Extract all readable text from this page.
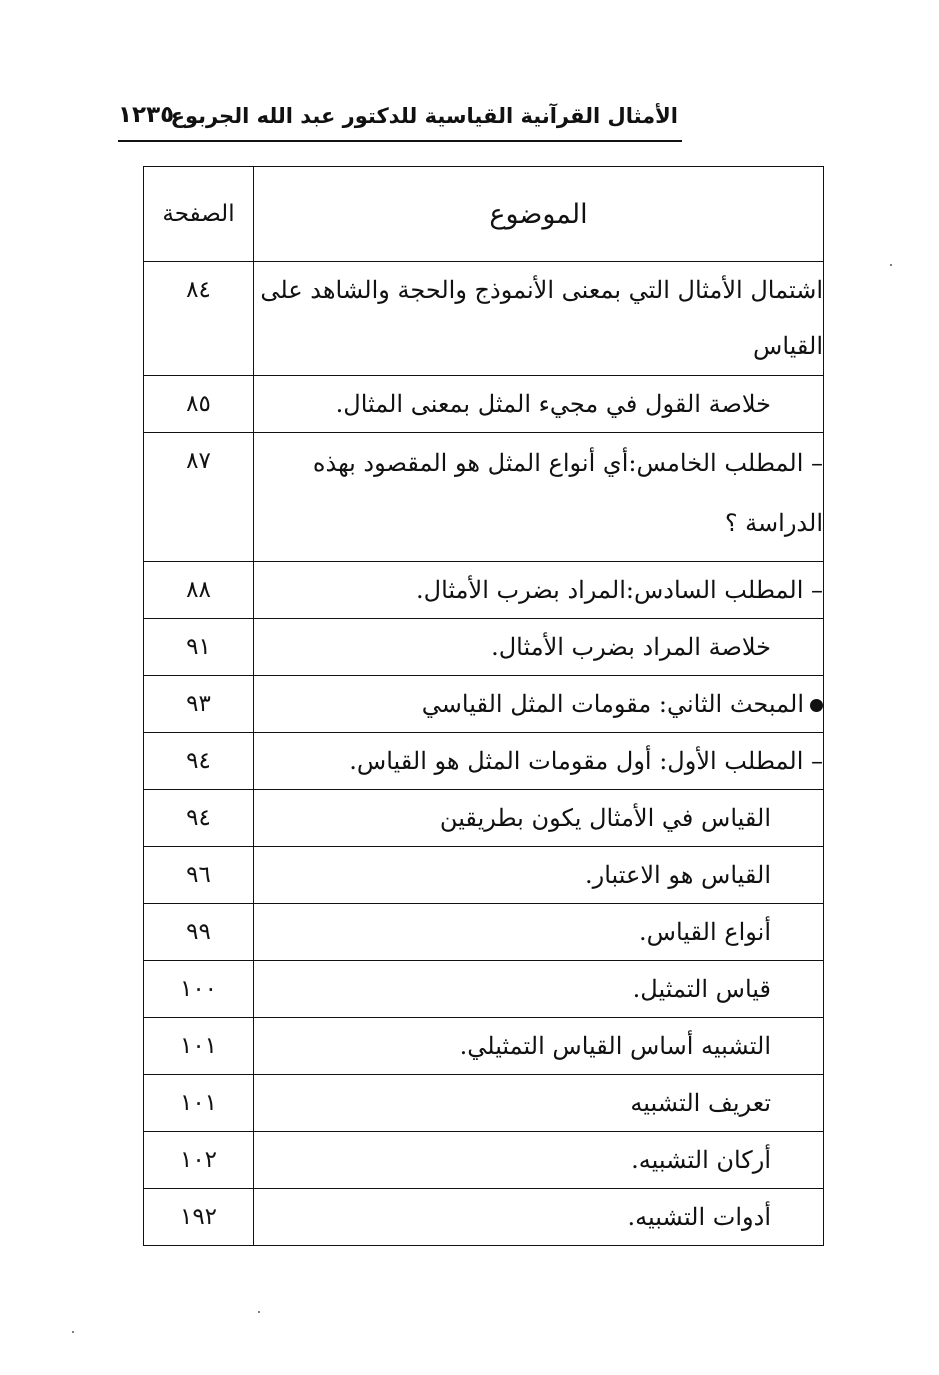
الأمثال القرآنية القياسية للدكتور عبد الله الجربوع
١٢٣٥
الموضوع	الصفحة
اشتمال الأمثال التي بمعنى الأنموذج والحجة والشاهد على القياس	٨٤
خلاصة القول في مجيء المثل بمعنى المثال.	٨٥
– المطلب الخامس:أي أنواع المثل هو المقصود بهذه الدراسة ؟	٨٧
– المطلب السادس:المراد بضرب الأمثال.	٨٨
خلاصة المراد بضرب الأمثال.	٩١
المبحث الثاني: مقومات المثل القياسي	٩٣
– المطلب الأول: أول مقومات المثل هو القياس.	٩٤
القياس في الأمثال يكون بطريقين	٩٤
القياس هو الاعتبار.	٩٦
أنواع القياس.	٩٩
قياس التمثيل.	١٠٠
التشبيه أساس القياس التمثيلي.	١٠١
تعريف التشبيه	١٠١
أركان التشبيه.	١٠٢
أدوات التشبيه.	١٩٢
